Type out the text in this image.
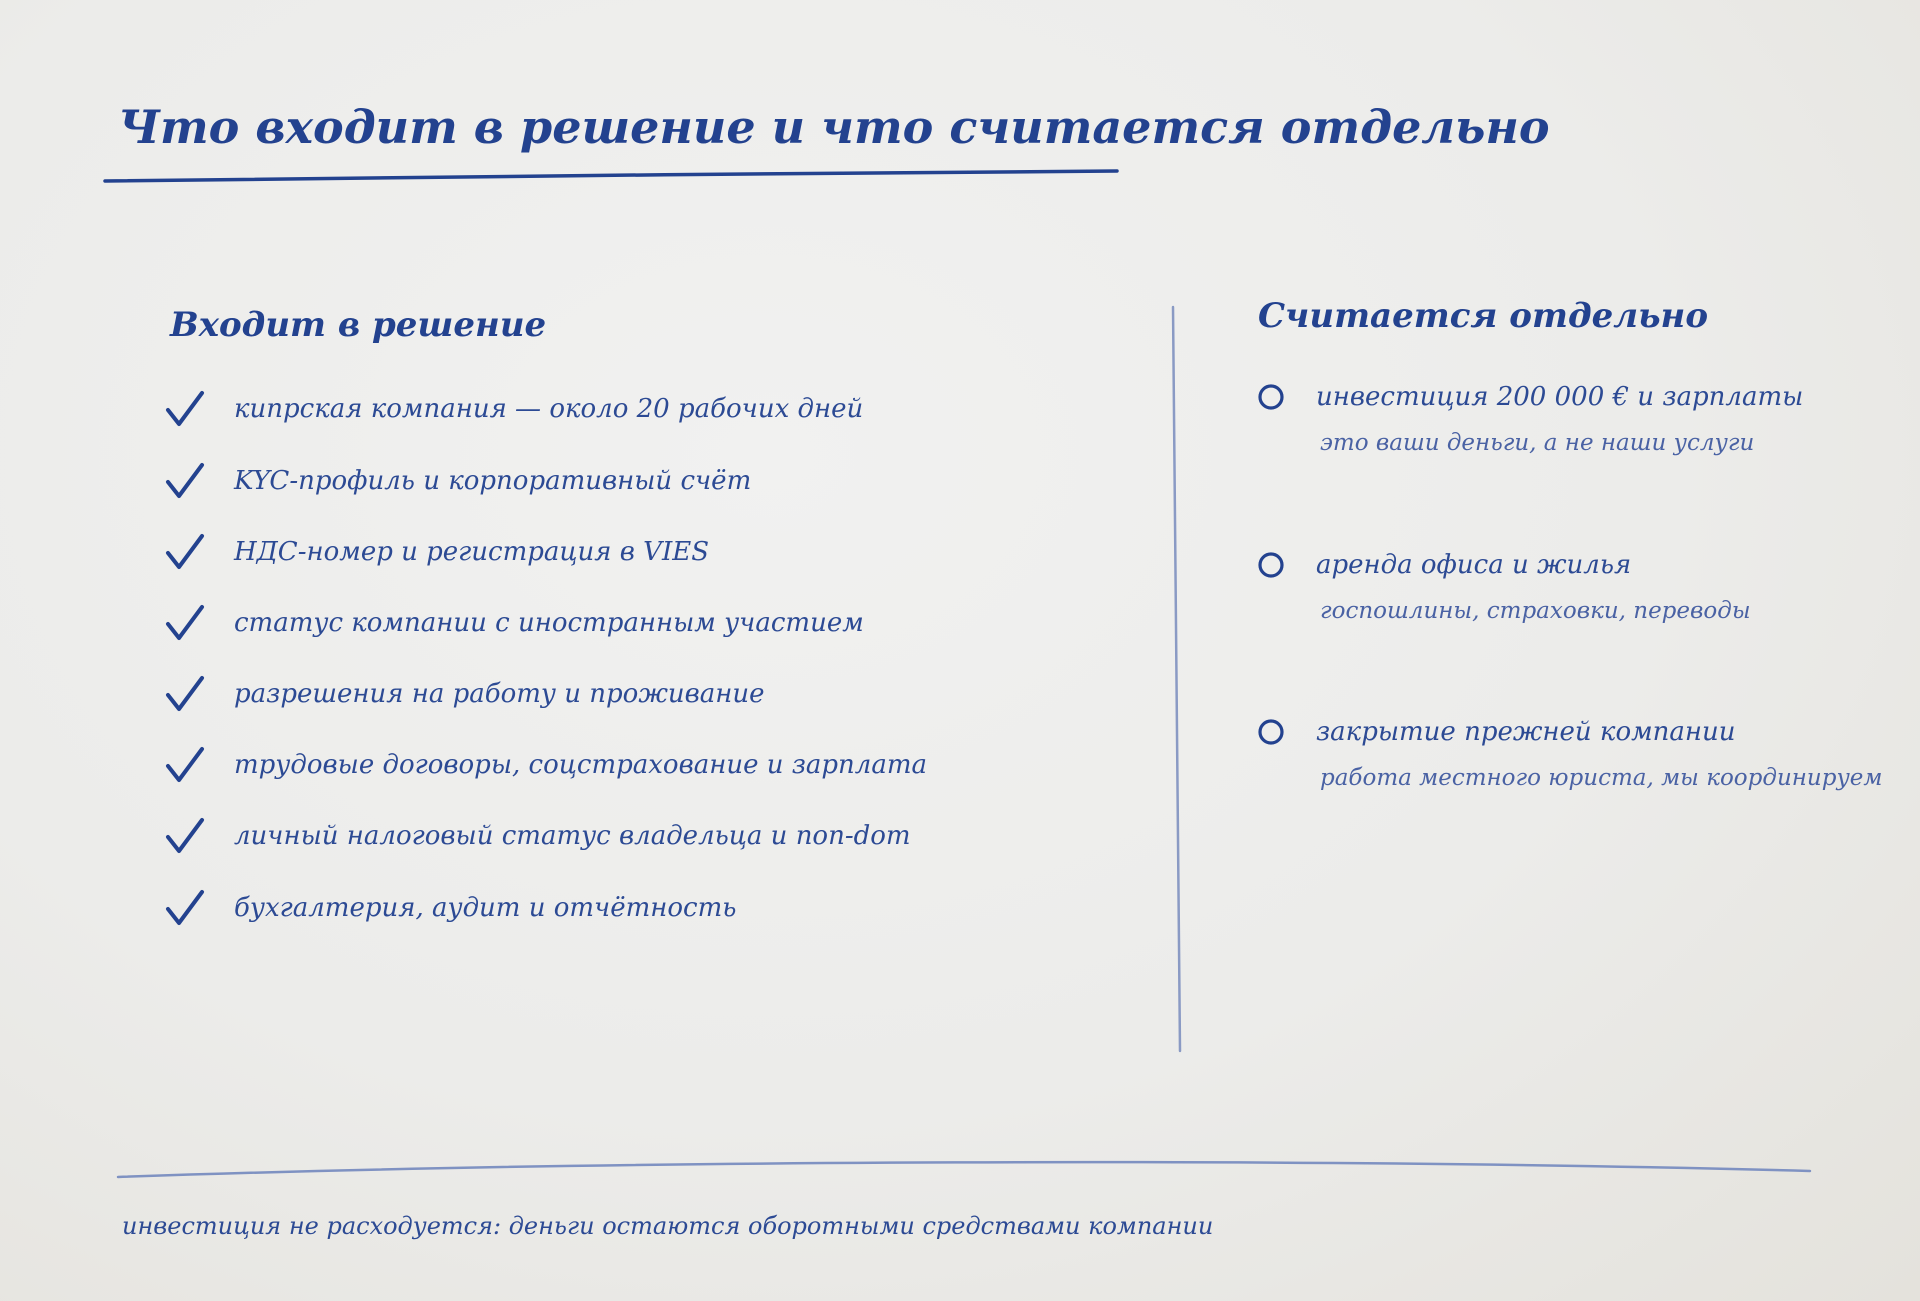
Что входит в решение и что считается отдельно
Входит в решение
кипрская компания — около 20 рабочих дней
KYC-профиль и корпоративный счёт
НДС-номер и регистрация в VIES
статус компании с иностранным участием
разрешения на работу и проживание
трудовые договоры, соцстрахование и зарплата
личный налоговый статус владельца и non-dom
бухгалтерия, аудит и отчётность
Считается отдельно
инвестиция 200 000 € и зарплаты
это ваши деньги, а не наши услуги
аренда офиса и жилья
госпошлины, страховки, переводы
закрытие прежней компании
работа местного юриста, мы координируем

инвестиция не расходуется: деньги остаются оборотными средствами компании
